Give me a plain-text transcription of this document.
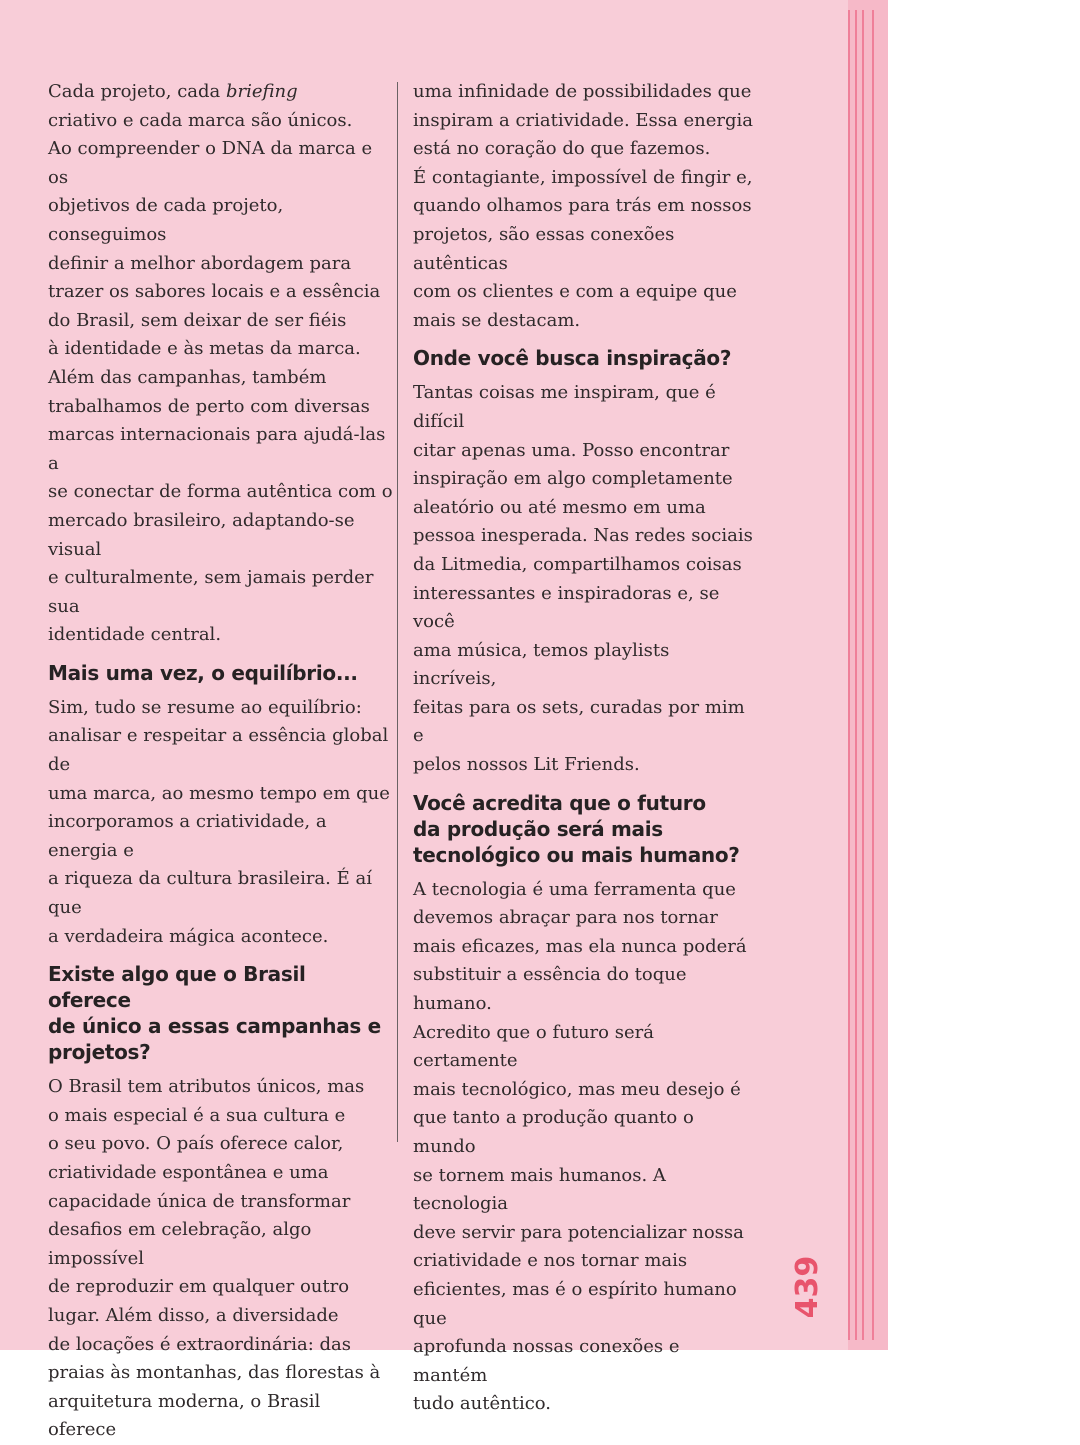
Cada projeto, cada briefing
criativo e cada marca são únicos.
Ao compreender o DNA da marca e os
objetivos de cada projeto, conseguimos
definir a melhor abordagem para
trazer os sabores locais e a essência
do Brasil, sem deixar de ser fiéis
à identidade e às metas da marca.
Além das campanhas, também
trabalhamos de perto com diversas
marcas internacionais para ajudá-las a
se conectar de forma autêntica com o
mercado brasileiro, adaptando-se visual
e culturalmente, sem jamais perder sua
identidade central.

Mais uma vez, o equilíbrio...

Sim, tudo se resume ao equilíbrio:
analisar e respeitar a essência global de
uma marca, ao mesmo tempo em que
incorporamos a criatividade, a energia e
a riqueza da cultura brasileira. É aí que
a verdadeira mágica acontece.

Existe algo que o Brasil oferece
de único a essas campanhas e
projetos?

O Brasil tem atributos únicos, mas
o mais especial é a sua cultura e
o seu povo. O país oferece calor,
criatividade espontânea e uma
capacidade única de transformar
desafios em celebração, algo impossível
de reproduzir em qualquer outro
lugar. Além disso, a diversidade
de locações é extraordinária: das
praias às montanhas, das florestas à
arquitetura moderna, o Brasil oferece

uma infinidade de possibilidades que
inspiram a criatividade. Essa energia
está no coração do que fazemos.
É contagiante, impossível de fingir e,
quando olhamos para trás em nossos
projetos, são essas conexões autênticas
com os clientes e com a equipe que
mais se destacam.

Onde você busca inspiração?

Tantas coisas me inspiram, que é difícil
citar apenas uma. Posso encontrar
inspiração em algo completamente
aleatório ou até mesmo em uma
pessoa inesperada. Nas redes sociais
da Litmedia, compartilhamos coisas
interessantes e inspiradoras e, se você
ama música, temos playlists incríveis,
feitas para os sets, curadas por mim e
pelos nossos Lit Friends.

Você acredita que o futuro
da produção será mais
tecnológico ou mais humano?

A tecnologia é uma ferramenta que
devemos abraçar para nos tornar
mais eficazes, mas ela nunca poderá
substituir a essência do toque humano.
Acredito que o futuro será certamente
mais tecnológico, mas meu desejo é
que tanto a produção quanto o mundo
se tornem mais humanos. A tecnologia
deve servir para potencializar nossa
criatividade e nos tornar mais
eficientes, mas é o espírito humano que
aprofunda nossas conexões e mantém
tudo autêntico.

439
